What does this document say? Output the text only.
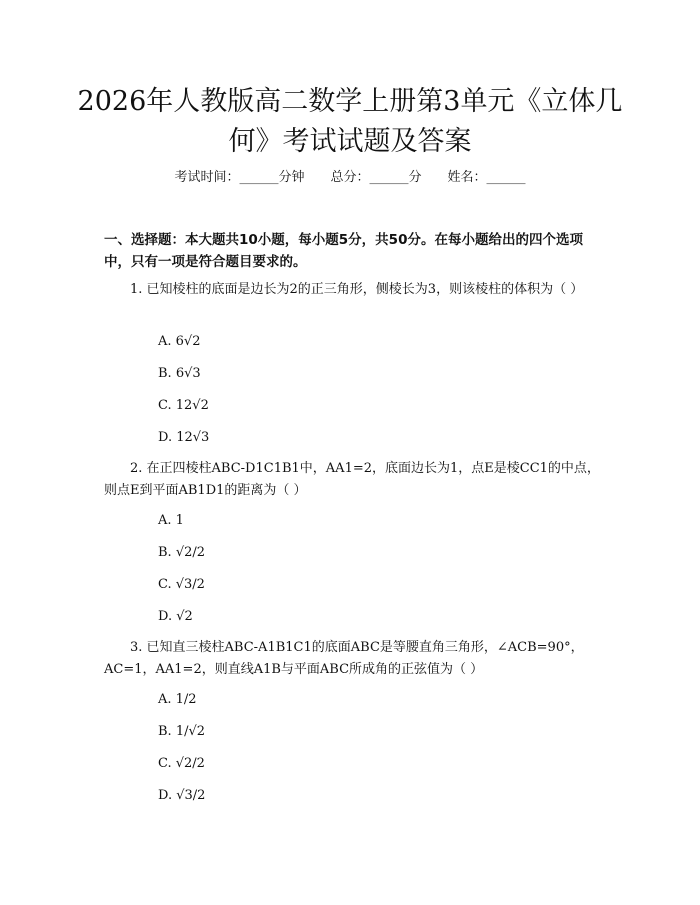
2026年人教版高二数学上册第3单元《立体几何》考试试题及答案
考试时间：______分钟 总分：______分 姓名：______

一、选择题：本大题共10小题，每小题5分，共50分。在每小题给出的四个选项中，只有一项是符合题目要求的。

1. 已知棱柱的底面是边长为2的正三角形，侧棱长为3，则该棱柱的体积为（ ）

A. 6√2

B. 6√3

C. 12√2

D. 12√3

2. 在正四棱柱ABC-D1C1B1中，AA1=2，底面边长为1，点E是棱CC1的中点，则点E到平面AB1D1的距离为（ ）

A. 1

B. √2/2

C. √3/2

D. √2

3. 已知直三棱柱ABC-A1B1C1的底面ABC是等腰直角三角形，∠ACB=90°，AC=1，AA1=2，则直线A1B与平面ABC所成角的正弦值为（ ）

A. 1/2

B. 1/√2

C. √2/2

D. √3/2
